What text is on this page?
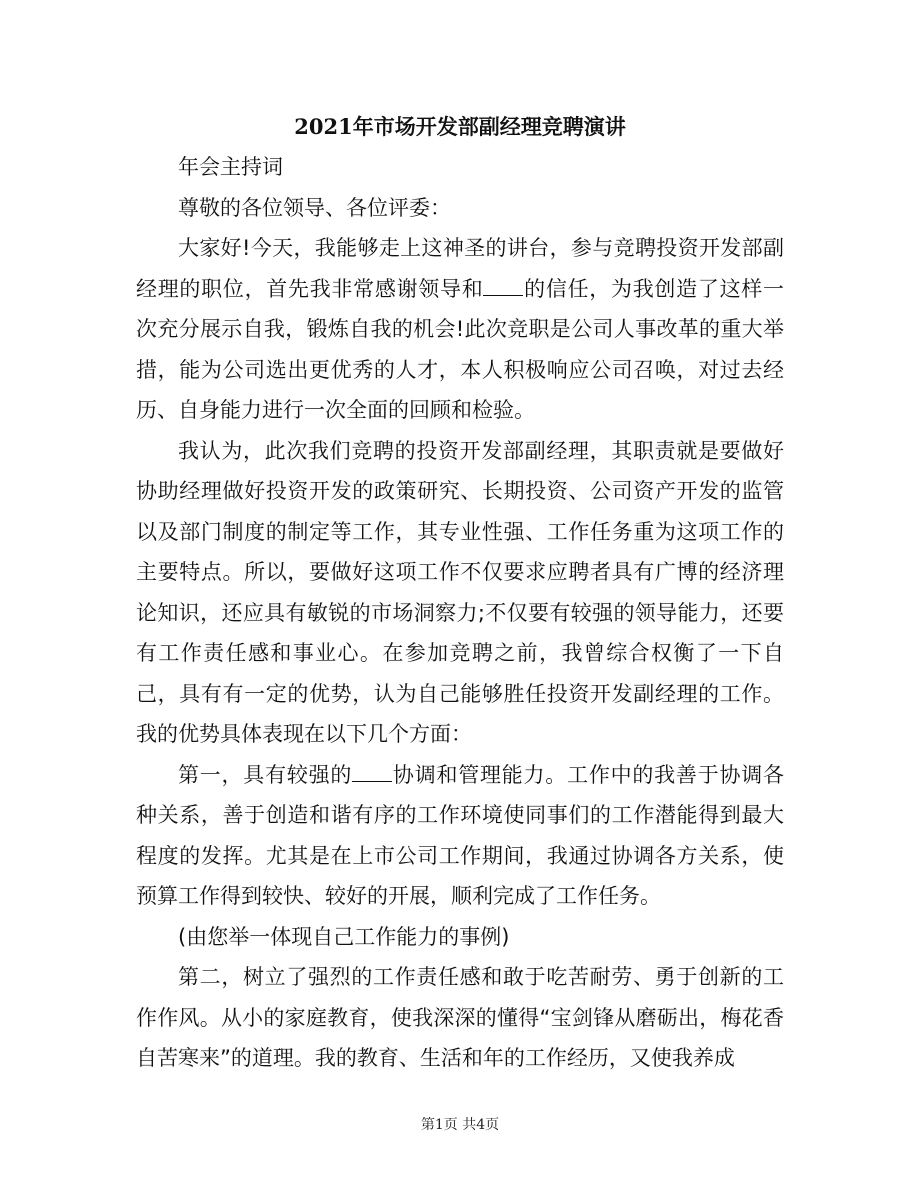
2021年市场开发部副经理竞聘演讲

年会主持词

尊敬的各位领导、各位评委：

大家好!今天，我能够走上这神圣的讲台，参与竞聘投资开发部副经理的职位，首先我非常感谢领导和 的信任，为我创造了这样一次充分展示自我，锻炼自我的机会!此次竞职是公司人事改革的重大举措，能为公司选出更优秀的人才，本人积极响应公司召唤，对过去经历、自身能力进行一次全面的回顾和检验。

我认为，此次我们竞聘的投资开发部副经理，其职责就是要做好协助经理做好投资开发的政策研究、长期投资、公司资产开发的监管以及部门制度的制定等工作，其专业性强、工作任务重为这项工作的主要特点。所以，要做好这项工作不仅要求应聘者具有广博的经济理论知识，还应具有敏锐的市场洞察力;不仅要有较强的领导能力，还要有工作责任感和事业心。在参加竞聘之前，我曾综合权衡了一下自己，具有有一定的优势，认为自己能够胜任投资开发副经理的工作。我的优势具体表现在以下几个方面：

第一，具有较强的 协调和管理能力。工作中的我善于协调各种关系，善于创造和谐有序的工作环境使同事们的工作潜能得到最大程度的发挥。尤其是在上市公司工作期间，我通过协调各方关系，使预算工作得到较快、较好的开展，顺利完成了工作任务。

(由您举一体现自己工作能力的事例)

第二，树立了强烈的工作责任感和敢于吃苦耐劳、勇于创新的工作作风。从小的家庭教育，使我深深的懂得“宝剑锋从磨砺出，梅花香自苦寒来”的道理。我的教育、生活和年的工作经历，又使我养成

第1页 共4页
